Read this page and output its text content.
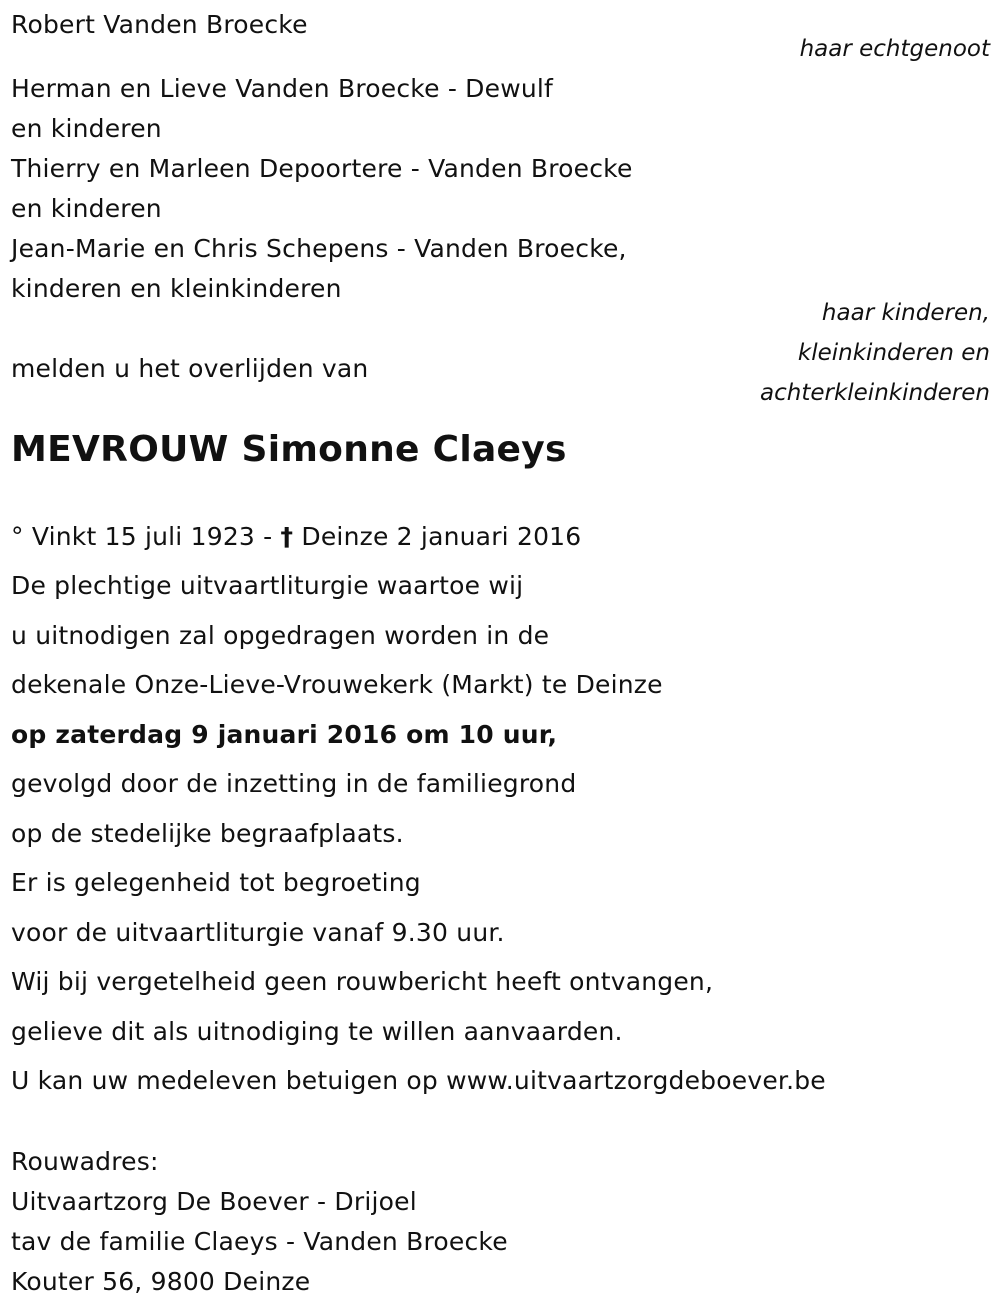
Robert Vanden Broecke
haar echtgenoot
Herman en Lieve Vanden Broecke - Dewulf
en kinderen
Thierry en Marleen Depoortere - Vanden Broecke
en kinderen
Jean-Marie en Chris Schepens - Vanden Broecke,
kinderen en kleinkinderen
haar kinderen,
kleinkinderen en
achterkleinkinderen
melden u het overlijden van
MEVROUW Simonne Claeys
° Vinkt 15 juli 1923 - † Deinze 2 januari 2016
De plechtige uitvaartliturgie waartoe wij
u uitnodigen zal opgedragen worden in de
dekenale Onze-Lieve-Vrouwekerk (Markt) te Deinze
op zaterdag 9 januari 2016 om 10 uur,
gevolgd door de inzetting in de familiegrond
op de stedelijke begraafplaats.
Er is gelegenheid tot begroeting
voor de uitvaartliturgie vanaf 9.30 uur.
Wij bij vergetelheid geen rouwbericht heeft ontvangen,
gelieve dit als uitnodiging te willen aanvaarden.
U kan uw medeleven betuigen op www.uitvaartzorgdeboever.be
Rouwadres:
Uitvaartzorg De Boever - Drijoel
tav de familie Claeys - Vanden Broecke
Kouter 56, 9800 Deinze
